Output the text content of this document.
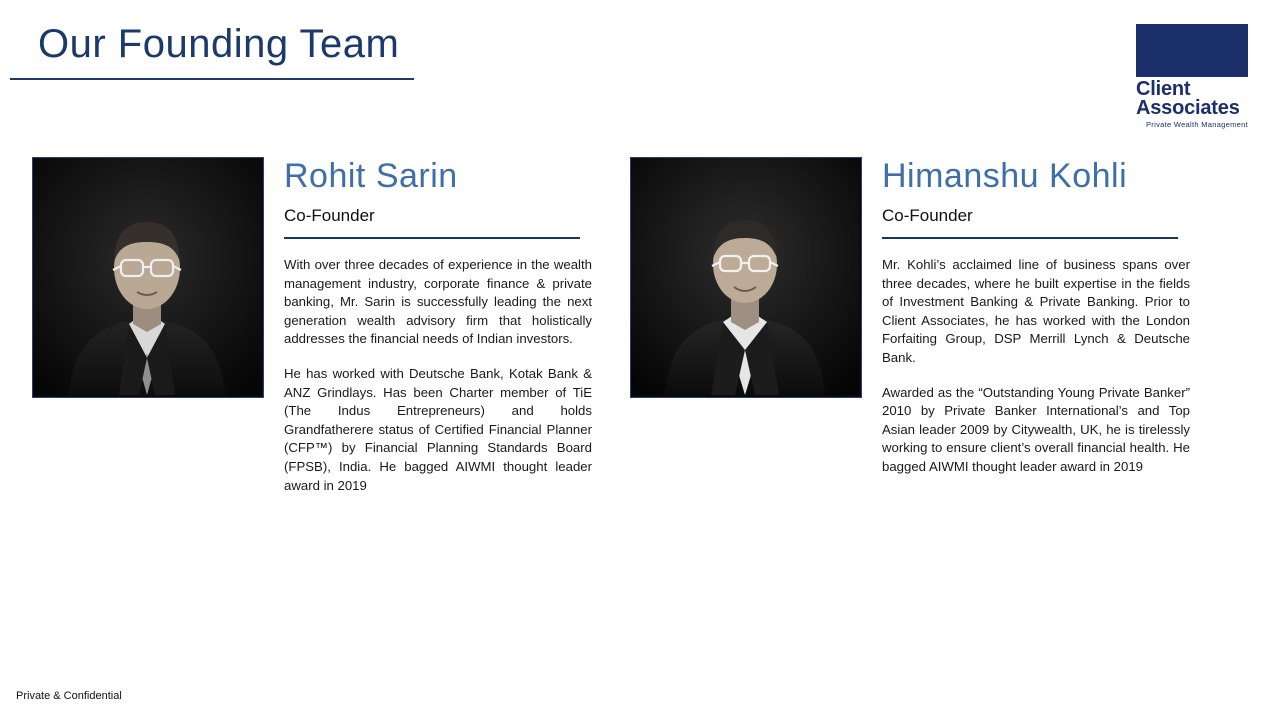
Our Founding Team
Client
Associates
Private Wealth Management
Rohit Sarin
Co-Founder
With over three decades of experience in the wealth management industry, corporate finance & private banking, Mr. Sarin is successfully leading the next generation wealth advisory firm that holistically addresses the financial needs of Indian investors.
He has worked with Deutsche Bank, Kotak Bank & ANZ Grindlays. Has been Charter member of TiE (The Indus Entrepreneurs) and holds Grandfatherere status of Certified Financial Planner (CFP™) by Financial Planning Standards Board (FPSB), India. He bagged AIWMI thought leader award in 2019
Himanshu Kohli
Co-Founder
Mr. Kohli’s acclaimed line of business spans over three decades, where he built expertise in the fields of Investment Banking & Private Banking. Prior to Client Associates, he has worked with the London Forfaiting Group, DSP Merrill Lynch & Deutsche Bank.
Awarded as the “Outstanding Young Private Banker” 2010 by Private Banker International’s and Top Asian leader 2009 by Citywealth, UK, he is tirelessly working to ensure client’s overall financial health. He bagged AIWMI thought leader award in 2019
Private & Confidential
